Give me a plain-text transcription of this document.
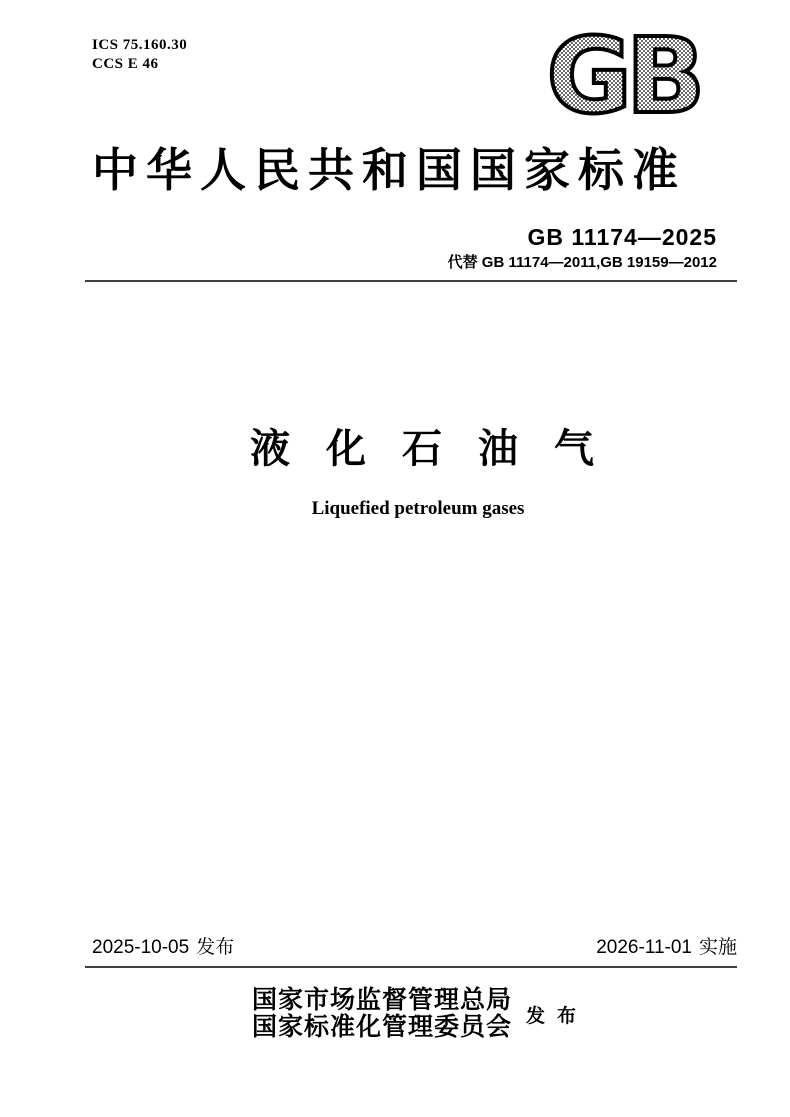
ICS 75.160.30
CCS E 46	GB
中华人民共和国国家标准
GB 11174—2025
代替 GB 11174—2011,GB 19159—2012
液化石油气
Liquefied petroleum gases
2025-10-05 发布	2026-11-01 实施
国家市场监督管理总局
国家标准化管理委员会 发布
